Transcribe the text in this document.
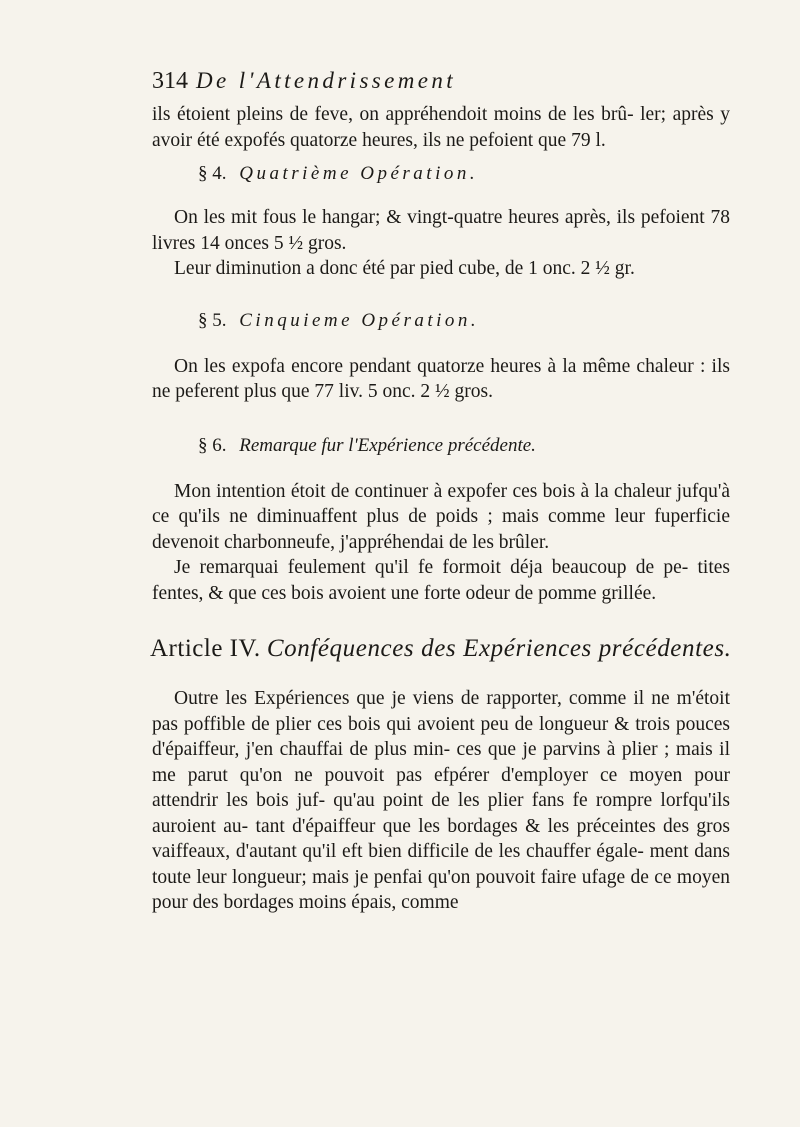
314 De l'Attendrissement

ils étoient pleins de feve, on appréhendoit moins de les brû- ler; après y avoir été expofés quatorze heures, ils ne pefoient que 79 l.

§ 4. Quatrième Opération.

On les mit fous le hangar; & vingt-quatre heures après, ils pefoient 78 livres 14 onces 5 ½ gros.

Leur diminution a donc été par pied cube, de 1 onc. 2 ½ gr.

§ 5. Cinquieme Opération.

On les expofa encore pendant quatorze heures à la même chaleur : ils ne peferent plus que 77 liv. 5 onc. 2 ½ gros.

§ 6. Remarque fur l'Expérience précédente.

Mon intention étoit de continuer à expofer ces bois à la chaleur jufqu'à ce qu'ils ne diminuaffent plus de poids ; mais comme leur fuperficie devenoit charbonneufe, j'appréhendai de les brûler.

Je remarquai feulement qu'il fe formoit déja beaucoup de pe- tites fentes, & que ces bois avoient une forte odeur de pomme grillée.

Article IV. Conféquences des Expériences précédentes.

Outre les Expériences que je viens de rapporter, comme il ne m'étoit pas poffible de plier ces bois qui avoient peu de longueur & trois pouces d'épaiffeur, j'en chauffai de plus min- ces que je parvins à plier ; mais il me parut qu'on ne pouvoit pas efpérer d'employer ce moyen pour attendrir les bois juf- qu'au point de les plier fans fe rompre lorfqu'ils auroient au- tant d'épaiffeur que les bordages & les préceintes des gros vaiffeaux, d'autant qu'il eft bien difficile de les chauffer égale- ment dans toute leur longueur; mais je penfai qu'on pouvoit faire ufage de ce moyen pour des bordages moins épais, comme
